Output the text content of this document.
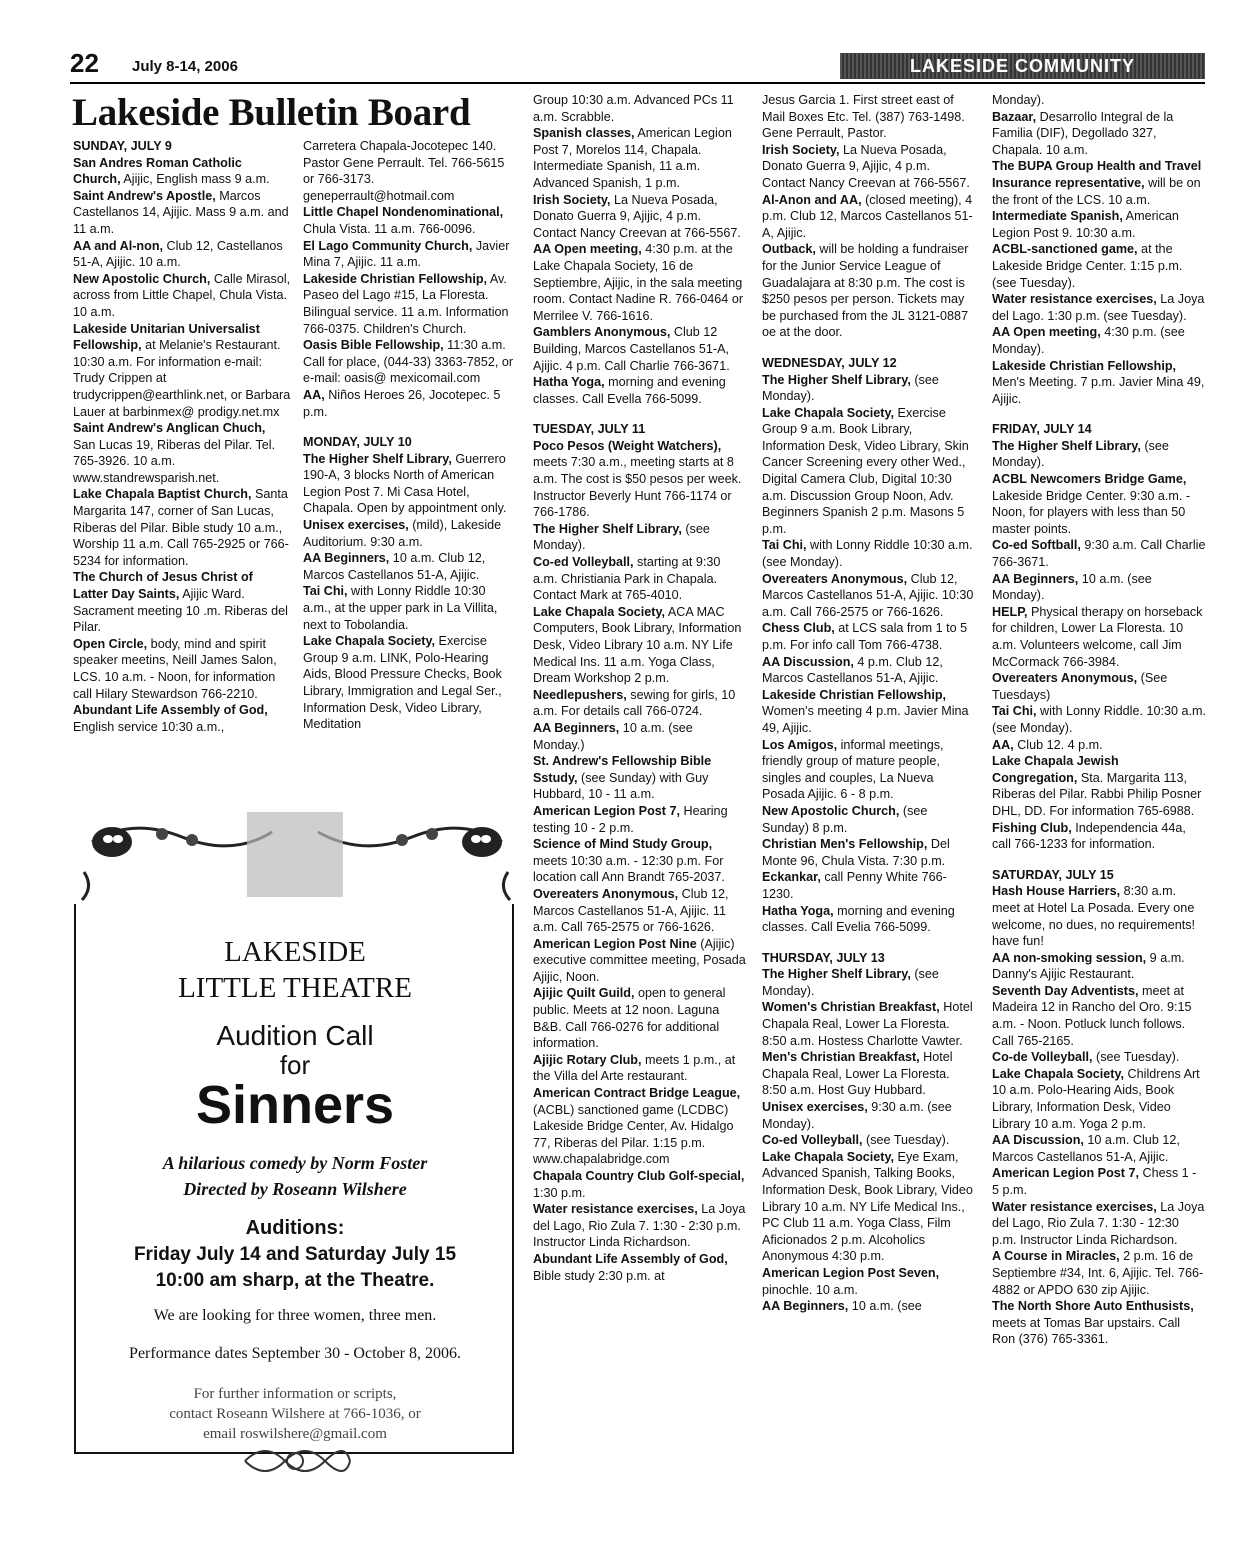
22 July 8-14, 2006	LAKESIDE COMMUNITY
Lakeside Bulletin Board

SUNDAY, JULY 9

San Andres Roman Catholic Church, Ajijic, English mass 9 a.m.

Saint Andrew's Apostle, Marcos Castellanos 14, Ajijic. Mass 9 a.m. and 11 a.m.

AA and Al-non, Club 12, Castellanos 51-A, Ajijic. 10 a.m.

New Apostolic Church, Calle Mirasol, across from Little Chapel, Chula Vista. 10 a.m.

Lakeside Unitarian Universalist Fellowship, at Melanie's Restaurant. 10:30 a.m. For information e-mail: Trudy Crippen at trudycrippen@earthlink.net, or Barbara Lauer at barbinmex@ prodigy.net.mx

Saint Andrew's Anglican Chuch, San Lucas 19, Riberas del Pilar. Tel. 765-3926. 10 a.m. www.standrewsparish.net.

Lake Chapala Baptist Church, Santa Margarita 147, corner of San Lucas, Riberas del Pilar. Bible study 10 a.m., Worship 11 a.m. Call 765-2925 or 766-5234 for information.

The Church of Jesus Christ of Latter Day Saints, Ajijic Ward. Sacrament meeting 10 .m. Riberas del Pilar.

Open Circle, body, mind and spirit speaker meetins, Neill James Salon, LCS. 10 a.m. - Noon, for information call Hilary Stewardson 766-2210.

Abundant Life Assembly of God, English service 10:30 a.m.,

Carretera Chapala-Jocotepec 140. Pastor Gene Perrault. Tel. 766-5615 or 766-3173. geneperrault@hotmail.com

Little Chapel Nondenominational, Chula Vista. 11 a.m. 766-0096.

El Lago Community Church, Javier Mina 7, Ajijic. 11 a.m.

Lakeside Christian Fellowship, Av. Paseo del Lago #15, La Floresta. Bilingual service. 11 a.m. Information 766-0375. Children's Church.

Oasis Bible Fellowship, 11:30 a.m. Call for place, (044-33) 3363-7852, or e-mail: oasis@ mexicomail.com

AA, Niños Heroes 26, Jocotepec. 5 p.m.

MONDAY, JULY 10

The Higher Shelf Library, Guerrero 190-A, 3 blocks North of American Legion Post 7. Mi Casa Hotel, Chapala. Open by appointment only.

Unisex exercises, (mild), Lakeside Auditorium. 9:30 a.m.

AA Beginners, 10 a.m. Club 12, Marcos Castellanos 51-A, Ajijic.

Tai Chi, with Lonny Riddle 10:30 a.m., at the upper park in La Villita, next to Tobolandia.

Lake Chapala Society, Exercise Group 9 a.m. LINK, Polo-Hearing Aids, Blood Pressure Checks, Book Library, Immigration and Legal Ser., Information Desk, Video Library, Meditation

Group 10:30 a.m. Advanced PCs 11 a.m. Scrabble.

Spanish classes, American Legion Post 7, Morelos 114, Chapala. Intermediate Spanish, 11 a.m. Advanced Spanish, 1 p.m.

Irish Society, La Nueva Posada, Donato Guerra 9, Ajijic, 4 p.m. Contact Nancy Creevan at 766-5567.

AA Open meeting, 4:30 p.m. at the Lake Chapala Society, 16 de Septiembre, Ajijic, in the sala meeting room. Contact Nadine R. 766-0464 or Merrilee V. 766-1616.

Gamblers Anonymous, Club 12 Building, Marcos Castellanos 51-A, Ajijic. 4 p.m. Call Charlie 766-3671.

Hatha Yoga, morning and evening classes. Call Evella 766-5099.

TUESDAY, JULY 11

Poco Pesos (Weight Watchers), meets 7:30 a.m., meeting starts at 8 a.m. The cost is $50 pesos per week. Instructor Beverly Hunt 766-1174 or 766-1786.

The Higher Shelf Library, (see Monday).

Co-ed Volleyball, starting at 9:30 a.m. Christiania Park in Chapala. Contact Mark at 765-4010.

Lake Chapala Society, ACA MAC Computers, Book Library, Information Desk, Video Library 10 a.m. NY Life Medical Ins. 11 a.m. Yoga Class, Dream Workshop 2 p.m.

Needlepushers, sewing for girls, 10 a.m. For details call 766-0724.

AA Beginners, 10 a.m. (see Monday.)

St. Andrew's Fellowship Bible Sstudy, (see Sunday) with Guy Hubbard, 10 - 11 a.m.

American Legion Post 7, Hearing testing 10 - 2 p.m.

Science of Mind Study Group, meets 10:30 a.m. - 12:30 p.m. For location call Ann Brandt 765-2037.

Overeaters Anonymous, Club 12, Marcos Castellanos 51-A, Ajijic. 11 a.m. Call 765-2575 or 766-1626.

American Legion Post Nine (Ajijic) executive committee meeting, Posada Ajijic, Noon.

Ajijic Quilt Guild, open to general public. Meets at 12 noon. Laguna B&B. Call 766-0276 for additional information.

Ajijic Rotary Club, meets 1 p.m., at the Villa del Arte restaurant.

American Contract Bridge League, (ACBL) sanctioned game (LCDBC) Lakeside Bridge Center, Av. Hidalgo 77, Riberas del Pilar. 1:15 p.m. www.chapalabridge.com

Chapala Country Club Golf-special, 1:30 p.m.

Water resistance exercises, La Joya del Lago, Rio Zula 7. 1:30 - 2:30 p.m. Instructor Linda Richardson.

Abundant Life Assembly of God, Bible study 2:30 p.m. at

Jesus Garcia 1. First street east of Mail Boxes Etc. Tel. (387) 763-1498. Gene Perrault, Pastor.

Irish Society, La Nueva Posada, Donato Guerra 9, Ajijic, 4 p.m. Contact Nancy Creevan at 766-5567.

Al-Anon and AA, (closed meeting), 4 p.m. Club 12, Marcos Castellanos 51-A, Ajijic.

Outback, will be holding a fundraiser for the Junior Service League of Guadalajara at 8:30 p.m. The cost is $250 pesos per person. Tickets may be purchased from the JL 3121-0887 oe at the door.

WEDNESDAY, JULY 12

The Higher Shelf Library, (see Monday).

Lake Chapala Society, Exercise Group 9 a.m. Book Library, Information Desk, Video Library, Skin Cancer Screening every other Wed., Digital Camera Club, Digital 10:30 a.m. Discussion Group Noon, Adv. Beginners Spanish 2 p.m. Masons 5 p.m.

Tai Chi, with Lonny Riddle 10:30 a.m. (see Monday).

Overeaters Anonymous, Club 12, Marcos Castellanos 51-A, Ajijic. 10:30 a.m. Call 766-2575 or 766-1626.

Chess Club, at LCS sala from 1 to 5 p.m. For info call Tom 766-4738.

AA Discussion, 4 p.m. Club 12, Marcos Castellanos 51-A, Ajijic.

Lakeside Christian Fellowship, Women's meeting 4 p.m. Javier Mina 49, Ajijic.

Los Amigos, informal meetings, friendly group of mature people, singles and couples, La Nueva Posada Ajijic. 6 - 8 p.m.

New Apostolic Church, (see Sunday) 8 p.m.

Christian Men's Fellowship, Del Monte 96, Chula Vista. 7:30 p.m.

Eckankar, call Penny White 766-1230.

Hatha Yoga, morning and evening classes. Call Evelia 766-5099.

THURSDAY, JULY 13

The Higher Shelf Library, (see Monday).

Women's Christian Breakfast, Hotel Chapala Real, Lower La Floresta. 8:50 a.m. Hostess Charlotte Vawter.

Men's Christian Breakfast, Hotel Chapala Real, Lower La Floresta. 8:50 a.m. Host Guy Hubbard.

Unisex exercises, 9:30 a.m. (see Monday).

Co-ed Volleyball, (see Tuesday).

Lake Chapala Society, Eye Exam, Advanced Spanish, Talking Books, Information Desk, Book Library, Video Library 10 a.m. NY Life Medical Ins., PC Club 11 a.m. Yoga Class, Film Aficionados 2 p.m. Alcoholics Anonymous 4:30 p.m.

American Legion Post Seven, pinochle. 10 a.m.

AA Beginners, 10 a.m. (see

Monday).

Bazaar, Desarrollo Integral de la Familia (DIF), Degollado 327, Chapala. 10 a.m.

The BUPA Group Health and Travel Insurance representative, will be on the front of the LCS. 10 a.m.

Intermediate Spanish, American Legion Post 9. 10:30 a.m.

ACBL-sanctioned game, at the Lakeside Bridge Center. 1:15 p.m. (see Tuesday).

Water resistance exercises, La Joya del Lago. 1:30 p.m. (see Tuesday).

AA Open meeting, 4:30 p.m. (see Monday).

Lakeside Christian Fellowship, Men's Meeting. 7 p.m. Javier Mina 49, Ajijic.

FRIDAY, JULY 14

The Higher Shelf Library, (see Monday).

ACBL Newcomers Bridge Game, Lakeside Bridge Center. 9:30 a.m. - Noon, for players with less than 50 master points.

Co-ed Softball, 9:30 a.m. Call Charlie 766-3671.

AA Beginners, 10 a.m. (see Monday).

HELP, Physical therapy on horseback for children, Lower La Floresta. 10 a.m. Volunteers welcome, call Jim McCormack 766-3984.

Overeaters Anonymous, (See Tuesdays)

Tai Chi, with Lonny Riddle. 10:30 a.m. (see Monday).

AA, Club 12. 4 p.m.

Lake Chapala Jewish Congregation, Sta. Margarita 113, Riberas del Pilar. Rabbi Philip Posner DHL, DD. For information 765-6988.

Fishing Club, Independencia 44a, call 766-1233 for information.

SATURDAY, JULY 15

Hash House Harriers, 8:30 a.m. meet at Hotel La Posada. Every one welcome, no dues, no requirements! have fun!

AA non-smoking session, 9 a.m. Danny's Ajijic Restaurant.

Seventh Day Adventists, meet at Madeira 12 in Rancho del Oro. 9:15 a.m. - Noon. Potluck lunch follows. Call 765-2165.

Co-de Volleyball, (see Tuesday).

Lake Chapala Society, Childrens Art 10 a.m. Polo-Hearing Aids, Book Library, Information Desk, Video Library 10 a.m. Yoga 2 p.m.

AA Discussion, 10 a.m. Club 12, Marcos Castellanos 51-A, Ajijic.

American Legion Post 7, Chess 1 - 5 p.m.

Water resistance exercises, La Joya del Lago, Rio Zula 7. 1:30 - 12:30 p.m. Instructor Linda Richardson.

A Course in Miracles, 2 p.m. 16 de Septiembre #34, Int. 6, Ajijic. Tel. 766-4882 or APDO 630 zip Ajijic.

The North Shore Auto Enthusists, meets at Tomas Bar upstairs. Call Ron (376) 765-3361.

LAKESIDE
LITTLE THEATRE
Audition Call
for
Sinners
A hilarious comedy by Norm Foster
Directed by Roseann Wilshere
Auditions:
Friday July 14 and Saturday July 15
10:00 am sharp, at the Theatre.
We are looking for three women, three men.
Performance dates September 30 - October 8, 2006.
For further information or scripts,
contact Roseann Wilshere at 766-1036, or
email roswilshere@gmail.com
